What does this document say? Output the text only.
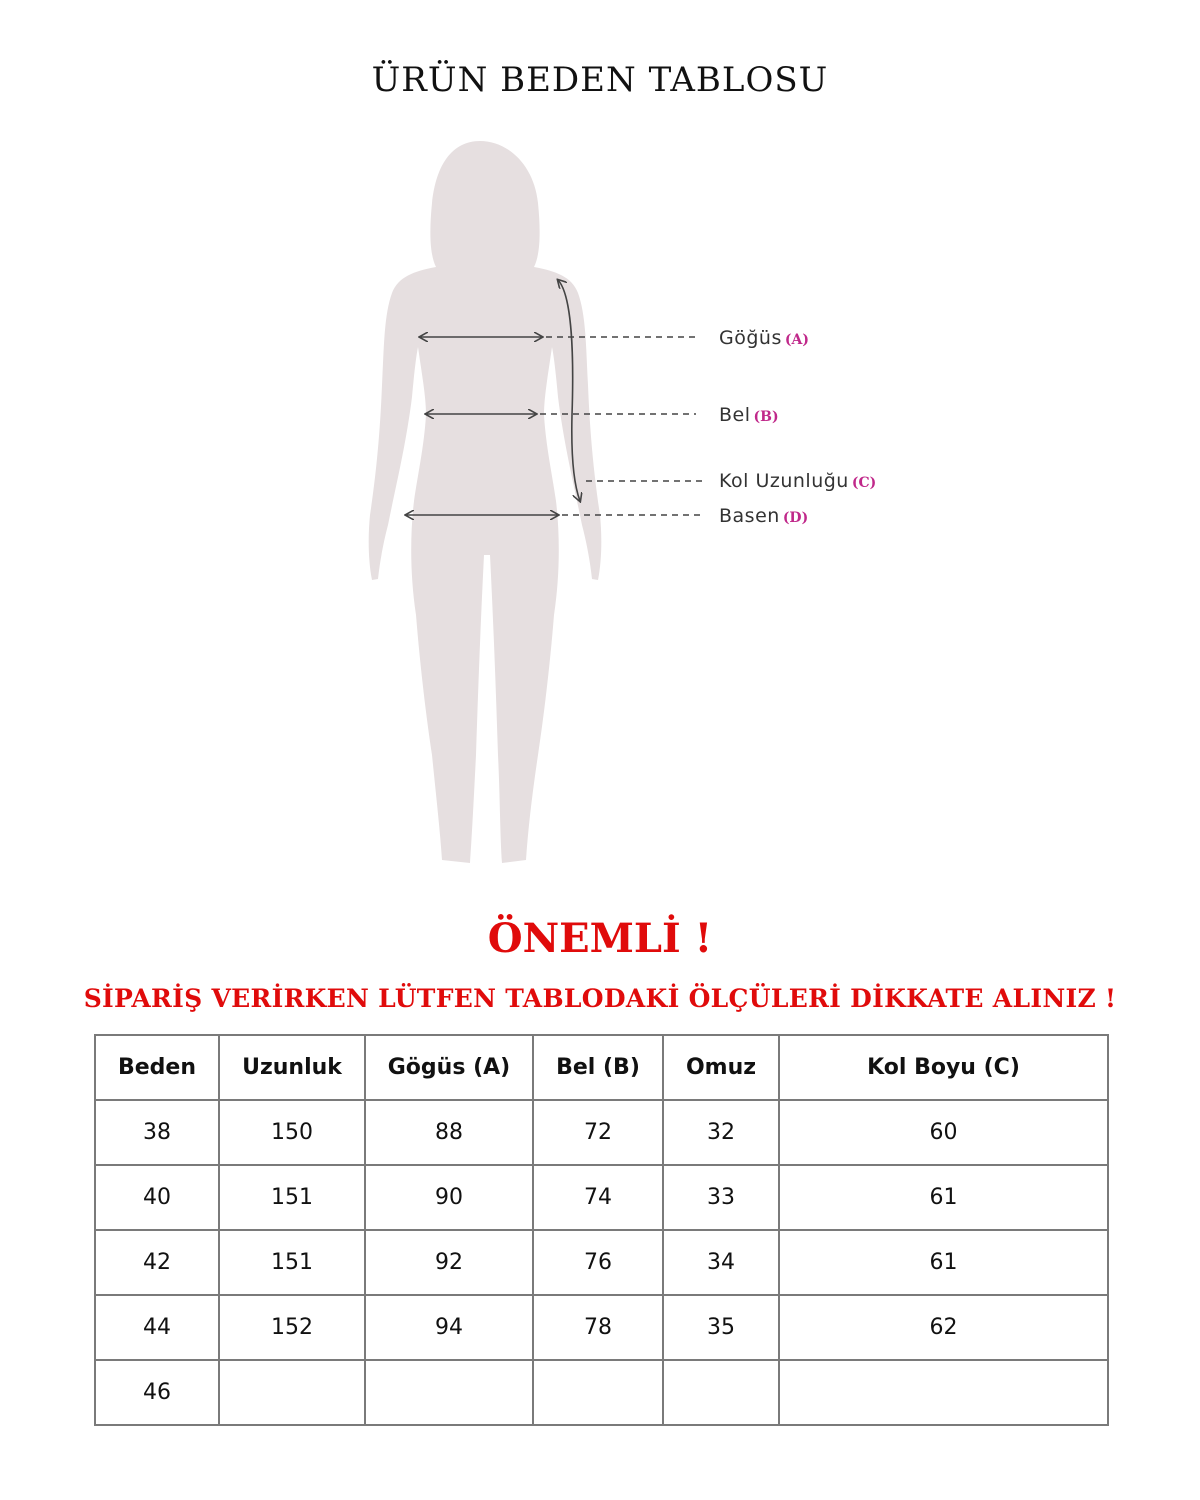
ÜRÜN BEDEN TABLOSU
Göğüs (A)
Bel (B)
Kol Uzunluğu (C)
Basen (D)
ÖNEMLİ !
SİPARİŞ VERİRKEN LÜTFEN TABLODAKİ ÖLÇÜLERİ DİKKATE ALINIZ !
Beden	Uzunluk	Gögüs (A)	Bel (B)	Omuz	Kol Boyu (C)
38	150	88	72	32	60
40	151	90	74	33	61
42	151	92	76	34	61
44	152	94	78	35	62
46					
